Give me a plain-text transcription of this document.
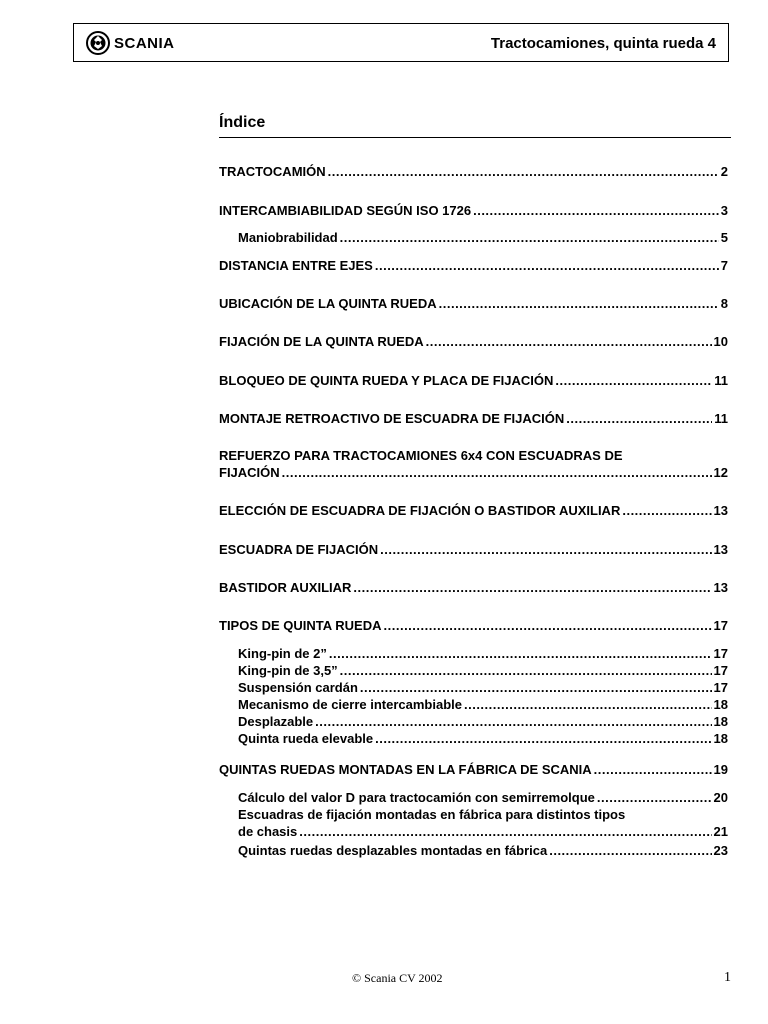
SCANIA	Tractocamiones, quinta rueda 4
Índice
TRACTOCAMIÓN .....	2
INTERCAMBIABILIDAD SEGÚN ISO 1726 .....	3
Maniobrabilidad .....	5
DISTANCIA ENTRE EJES .....	7
UBICACIÓN DE LA QUINTA RUEDA .....	8
FIJACIÓN DE LA QUINTA RUEDA .....	10
BLOQUEO DE QUINTA RUEDA Y PLACA DE FIJACIÓN .....	11
MONTAJE RETROACTIVO DE ESCUADRA DE FIJACIÓN .....	11
REFUERZO PARA TRACTOCAMIONES 6x4 CON ESCUADRAS DE
FIJACIÓN .....	12
ELECCIÓN DE ESCUADRA DE FIJACIÓN O BASTIDOR AUXILIAR .....	13
ESCUADRA DE FIJACIÓN .....	13
BASTIDOR AUXILIAR .....	13
TIPOS DE QUINTA RUEDA .....	17
King-pin de 2” .....	17
King-pin de 3,5” .....	17
Suspensión cardán .....	17
Mecanismo de cierre intercambiable .....	18
Desplazable .....	18
Quinta rueda elevable .....	18
QUINTAS RUEDAS MONTADAS EN LA FÁBRICA DE SCANIA .....	19
Cálculo del valor D para tractocamión con semirremolque .....	20
Escuadras de fijación montadas en fábrica para distintos tipos
de chasis .....	21
Quintas ruedas desplazables montadas en fábrica .....	23
© Scania CV 2002	1
